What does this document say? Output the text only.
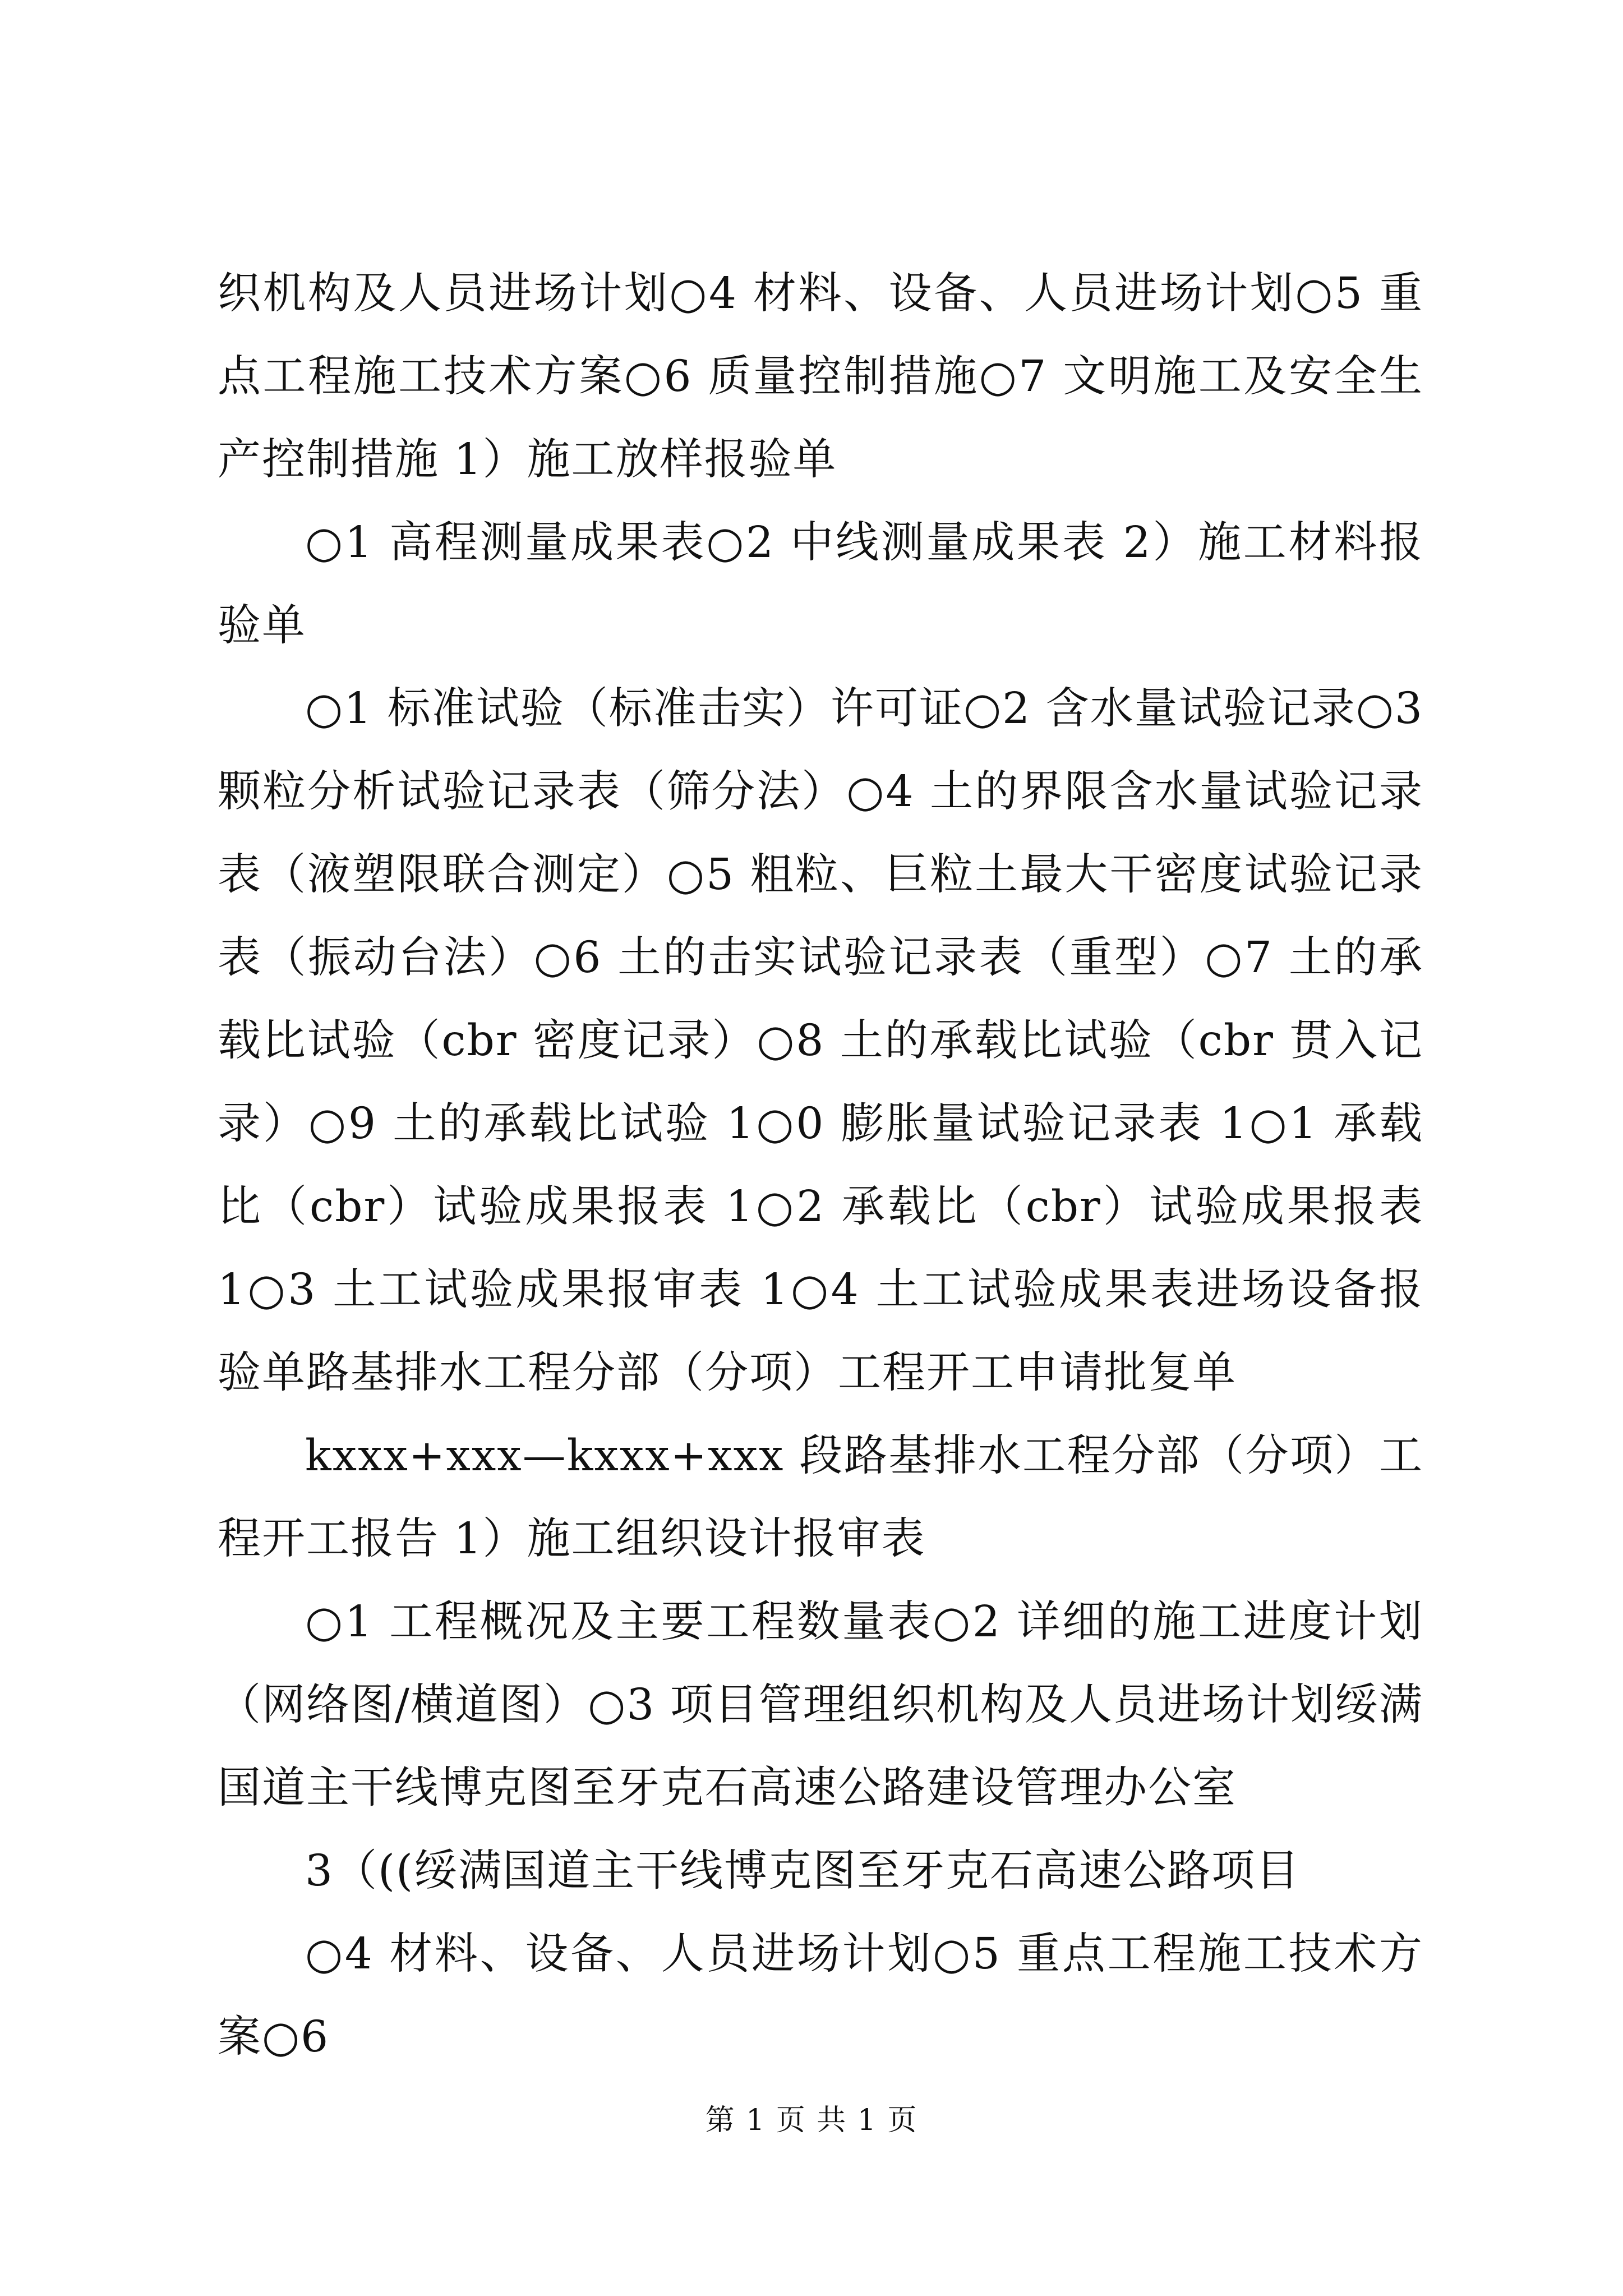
织机构及人员进场计划○4 材料、设备、人员进场计划○5 重点工程施工技术方案○6 质量控制措施○7 文明施工及安全生产控制措施 1）施工放样报验单

○1 高程测量成果表○2 中线测量成果表 2）施工材料报验单

○1 标准试验（标准击实）许可证○2 含水量试验记录○3 颗粒分析试验记录表（筛分法）○4 土的界限含水量试验记录表（液塑限联合测定）○5 粗粒、巨粒土最大干密度试验记录表（振动台法）○6 土的击实试验记录表（重型）○7 土的承载比试验（cbr 密度记录）○8 土的承载比试验（cbr 贯入记录）○9 土的承载比试验 1○0 膨胀量试验记录表 1○1 承载比（cbr）试验成果报表 1○2 承载比（cbr）试验成果报表 1○3 土工试验成果报审表 1○4 土工试验成果表进场设备报验单路基排水工程分部（分项）工程开工申请批复单

kxxx+xxx—kxxx+xxx 段路基排水工程分部（分项）工程开工报告 1）施工组织设计报审表

○1 工程概况及主要工程数量表○2 详细的施工进度计划（网络图/横道图）○3 项目管理组织机构及人员进场计划绥满国道主干线博克图至牙克石高速公路建设管理办公室

3（((绥满国道主干线博克图至牙克石高速公路项目

○4 材料、设备、人员进场计划○5 重点工程施工技术方案○6

第 1 页 共 1 页
